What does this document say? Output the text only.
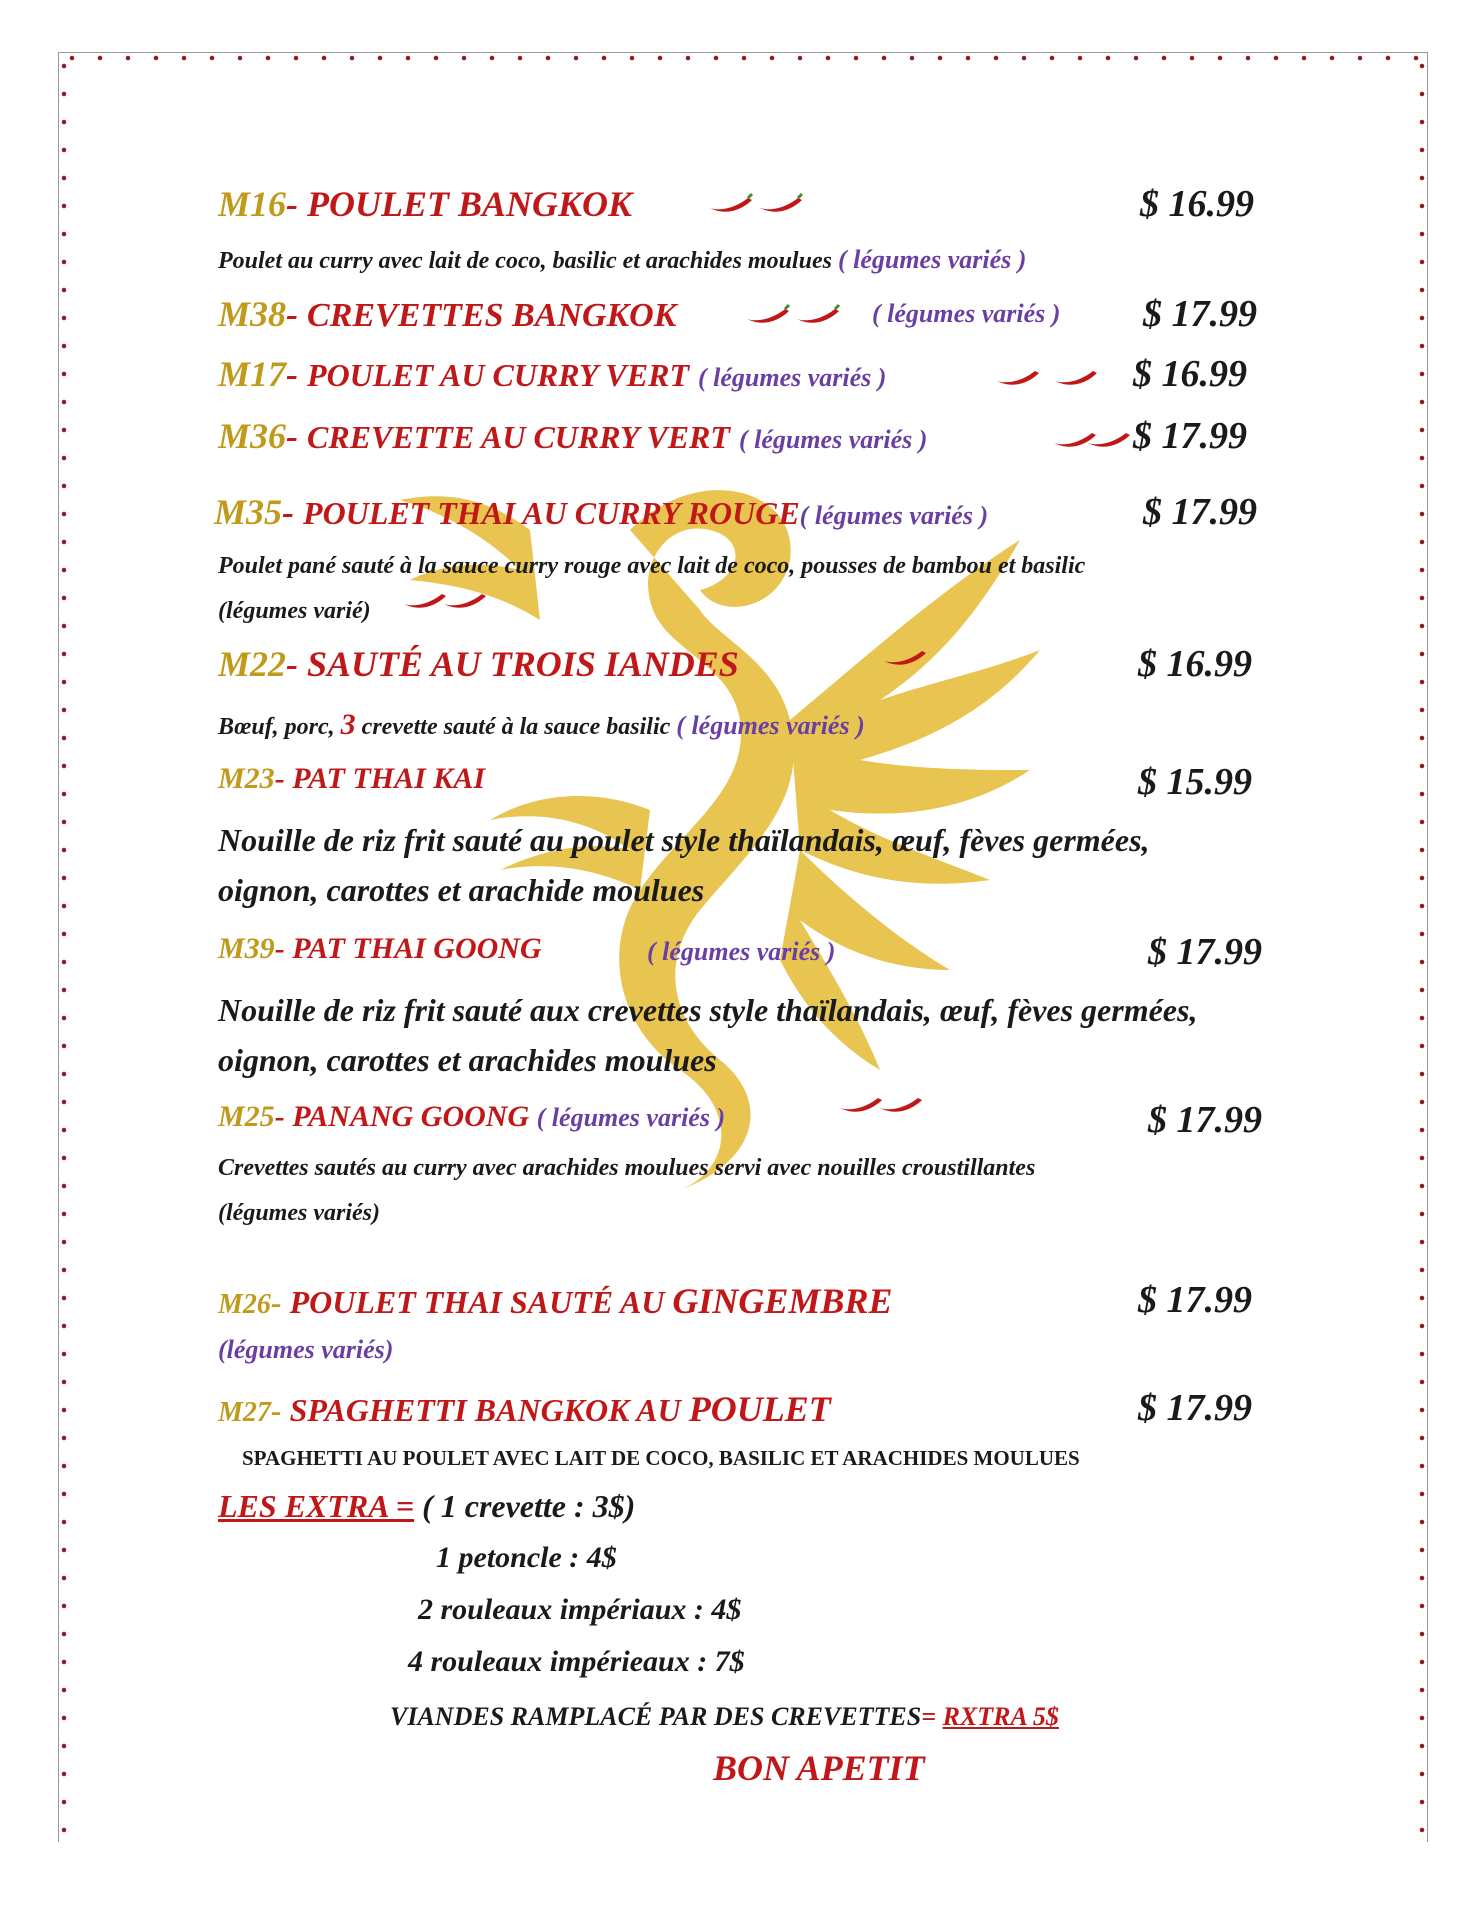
M16- POULET BANGKOK	$ 16.99
Poulet au curry avec lait de coco, basilic et arachides moulues ( légumes variés )
M38- CREVETTES BANGKOK	( légumes variés ) $ 17.99
M17- POULET AU CURRY VERT ( légumes variés )	$ 16.99
M36- CREVETTE AU CURRY VERT ( légumes variés )	$ 17.99
M35- POULET THAI AU CURRY ROUGE( légumes variés )	$ 17.99
Poulet pané sauté à la sauce curry rouge avec lait de coco, pousses de bambou et basilic
(légumes varié)
M22- SAUTÉ AU TROIS IANDES	$ 16.99
Bœuf, porc, 3 crevette sauté à la sauce basilic ( légumes variés )
M23- PAT THAI KAI	$ 15.99
Nouille de riz frit sauté au poulet style thaïlandais, œuf, fèves germées,
oignon, carottes et arachide moulues
M39- PAT THAI GOONG	( légumes variés )	$ 17.99
Nouille de riz frit sauté aux crevettes style thaïlandais, œuf, fèves germées,
oignon, carottes et arachides moulues
M25- PANANG GOONG ( légumes variés )	$ 17.99
Crevettes sautés au curry avec arachides moulues servi avec nouilles croustillantes
(légumes variés)
M26- POULET THAI SAUTÉ AU GINGEMBRE	$ 17.99
(légumes variés)
M27- SPAGHETTI BANGKOK AU POULET	$ 17.99
SPAGHETTI AU POULET AVEC LAIT DE COCO, BASILIC ET ARACHIDES MOULUES
LES EXTRA = ( 1 crevette : 3$)
1 petoncle : 4$
2 rouleaux impériaux : 4$
4 rouleaux impérieaux : 7$
VIANDES RAMPLACÉ PAR DES CREVETTES= RXTRA 5$
BON APETIT
